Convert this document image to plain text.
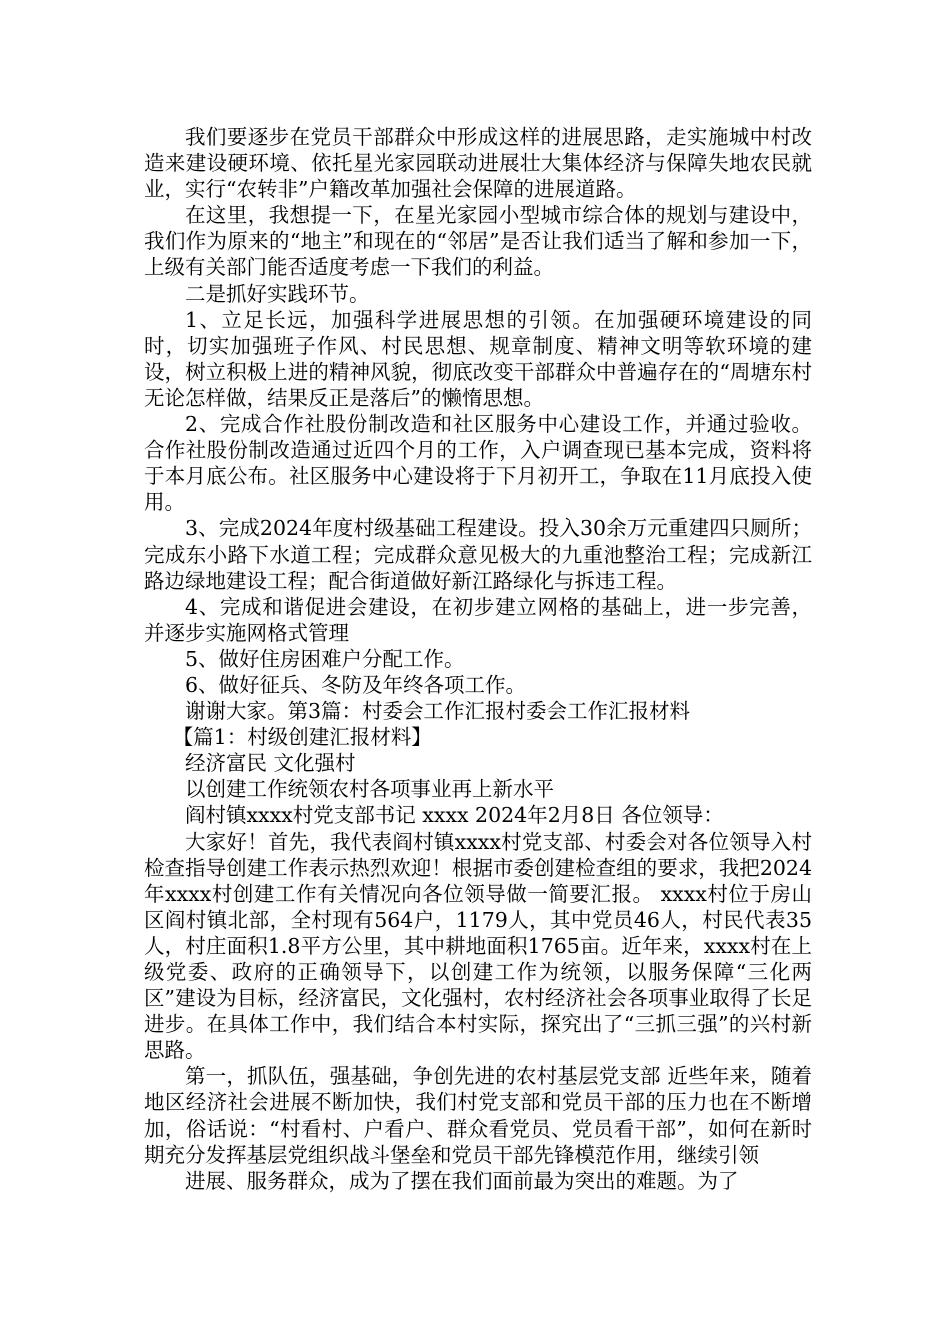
我们要逐步在党员干部群众中形成这样的进展思路，走实施城中村改造来建设硬环境、依托星光家园联动进展壮大集体经济与保障失地农民就业，实行“农转非”户籍改革加强社会保障的进展道路。

在这里，我想提一下，在星光家园小型城市综合体的规划与建设中，我们作为原来的“地主”和现在的“邻居”是否让我们适当了解和参加一下，上级有关部门能否适度考虑一下我们的利益。

二是抓好实践环节。

1、立足长远，加强科学进展思想的引领。在加强硬环境建设的同时，切实加强班子作风、村民思想、规章制度、精神文明等软环境的建设，树立积极上进的精神风貌，彻底改变干部群众中普遍存在的“周塘东村无论怎样做，结果反正是落后”的懒惰思想。

2、完成合作社股份制改造和社区服务中心建设工作，并通过验收。合作社股份制改造通过近四个月的工作，入户调查现已基本完成，资料将于本月底公布。社区服务中心建设将于下月初开工，争取在11月底投入使用。

3、完成2024年度村级基础工程建设。投入30余万元重建四只厕所；完成东小路下水道工程；完成群众意见极大的九重池整治工程；完成新江路边绿地建设工程；配合街道做好新江路绿化与拆违工程。

4、完成和谐促进会建设，在初步建立网格的基础上，进一步完善，并逐步实施网格式管理

5、做好住房困难户分配工作。

6、做好征兵、冬防及年终各项工作。

谢谢大家。第3篇：村委会工作汇报村委会工作汇报材料

【篇1：村级创建汇报材料】

经济富民 文化强村

以创建工作统领农村各项事业再上新水平

阎村镇xxxx村党支部书记 xxxx 2024年2月8日 各位领导：

大家好！首先，我代表阎村镇xxxx村党支部、村委会对各位领导入村检查指导创建工作表示热烈欢迎！根据市委创建检查组的要求，我把2024年xxxx村创建工作有关情况向各位领导做一简要汇报。 xxxx村位于房山区阎村镇北部，全村现有564户，1179人，其中党员46人，村民代表35人，村庄面积1.8平方公里，其中耕地面积1765亩。近年来，xxxx村在上级党委、政府的正确领导下，以创建工作为统领，以服务保障“三化两区”建设为目标，经济富民，文化强村，农村经济社会各项事业取得了长足进步。在具体工作中，我们结合本村实际，探究出了“三抓三强”的兴村新思路。

第一，抓队伍，强基础，争创先进的农村基层党支部 近些年来，随着地区经济社会进展不断加快，我们村党支部和党员干部的压力也在不断增加，俗话说：“村看村、户看户、群众看党员、党员看干部”，如何在新时期充分发挥基层党组织战斗堡垒和党员干部先锋模范作用，继续引领

进展、服务群众，成为了摆在我们面前最为突出的难题。为了
